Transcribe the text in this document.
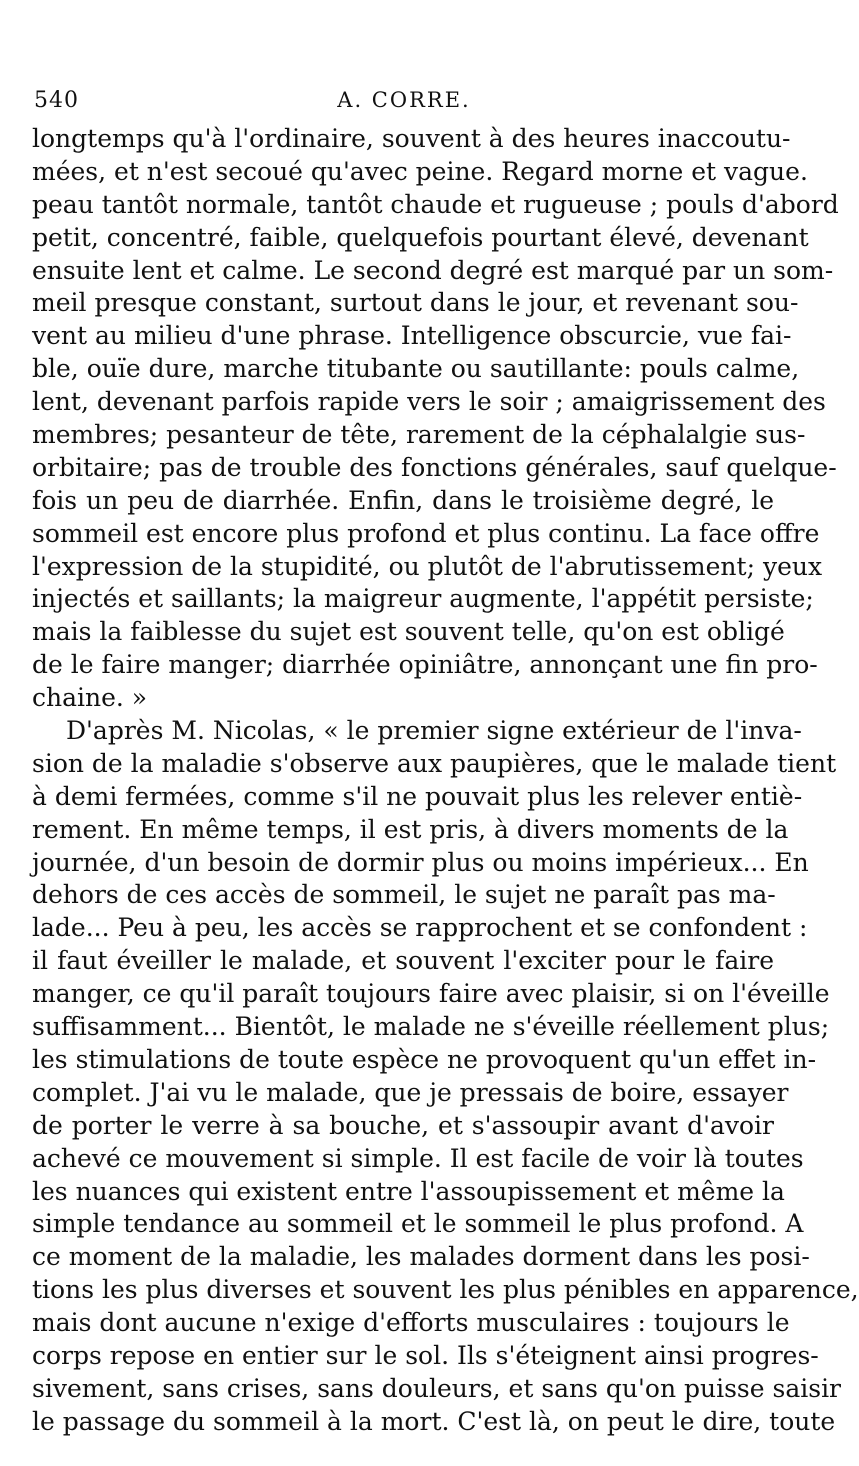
540	A. CORRE.
longtemps qu'à l'ordinaire, souvent à des heures inaccoutu-
mées, et n'est secoué qu'avec peine. Regard morne et vague.
peau tantôt normale, tantôt chaude et rugueuse ; pouls d'abord
petit, concentré, faible, quelquefois pourtant élevé, devenant
ensuite lent et calme. Le second degré est marqué par un som-
meil presque constant, surtout dans le jour, et revenant sou-
vent au milieu d'une phrase. Intelligence obscurcie, vue fai-
ble, ouïe dure, marche titubante ou sautillante: pouls calme,
lent, devenant parfois rapide vers le soir ; amaigrissement des
membres; pesanteur de tête, rarement de la céphalalgie sus-
orbitaire; pas de trouble des fonctions générales, sauf quelque-
fois un peu de diarrhée. Enfin, dans le troisième degré, le
sommeil est encore plus profond et plus continu. La face offre
l'expression de la stupidité, ou plutôt de l'abrutissement; yeux
injectés et saillants; la maigreur augmente, l'appétit persiste;
mais la faiblesse du sujet est souvent telle, qu'on est obligé
de le faire manger; diarrhée opiniâtre, annonçant une fin pro-
chaine. »
D'après M. Nicolas, « le premier signe extérieur de l'inva-
sion de la maladie s'observe aux paupières, que le malade tient
à demi fermées, comme s'il ne pouvait plus les relever entiè-
rement. En même temps, il est pris, à divers moments de la
journée, d'un besoin de dormir plus ou moins impérieux... En
dehors de ces accès de sommeil, le sujet ne paraît pas ma-
lade... Peu à peu, les accès se rapprochent et se confondent :
il faut éveiller le malade, et souvent l'exciter pour le faire
manger, ce qu'il paraît toujours faire avec plaisir, si on l'éveille
suffisamment... Bientôt, le malade ne s'éveille réellement plus;
les stimulations de toute espèce ne provoquent qu'un effet in-
complet. J'ai vu le malade, que je pressais de boire, essayer
de porter le verre à sa bouche, et s'assoupir avant d'avoir
achevé ce mouvement si simple. Il est facile de voir là toutes
les nuances qui existent entre l'assoupissement et même la
simple tendance au sommeil et le sommeil le plus profond. A
ce moment de la maladie, les malades dorment dans les posi-
tions les plus diverses et souvent les plus pénibles en apparence,
mais dont aucune n'exige d'efforts musculaires : toujours le
corps repose en entier sur le sol. Ils s'éteignent ainsi progres-
sivement, sans crises, sans douleurs, et sans qu'on puisse saisir
le passage du sommeil à la mort. C'est là, on peut le dire, toute
